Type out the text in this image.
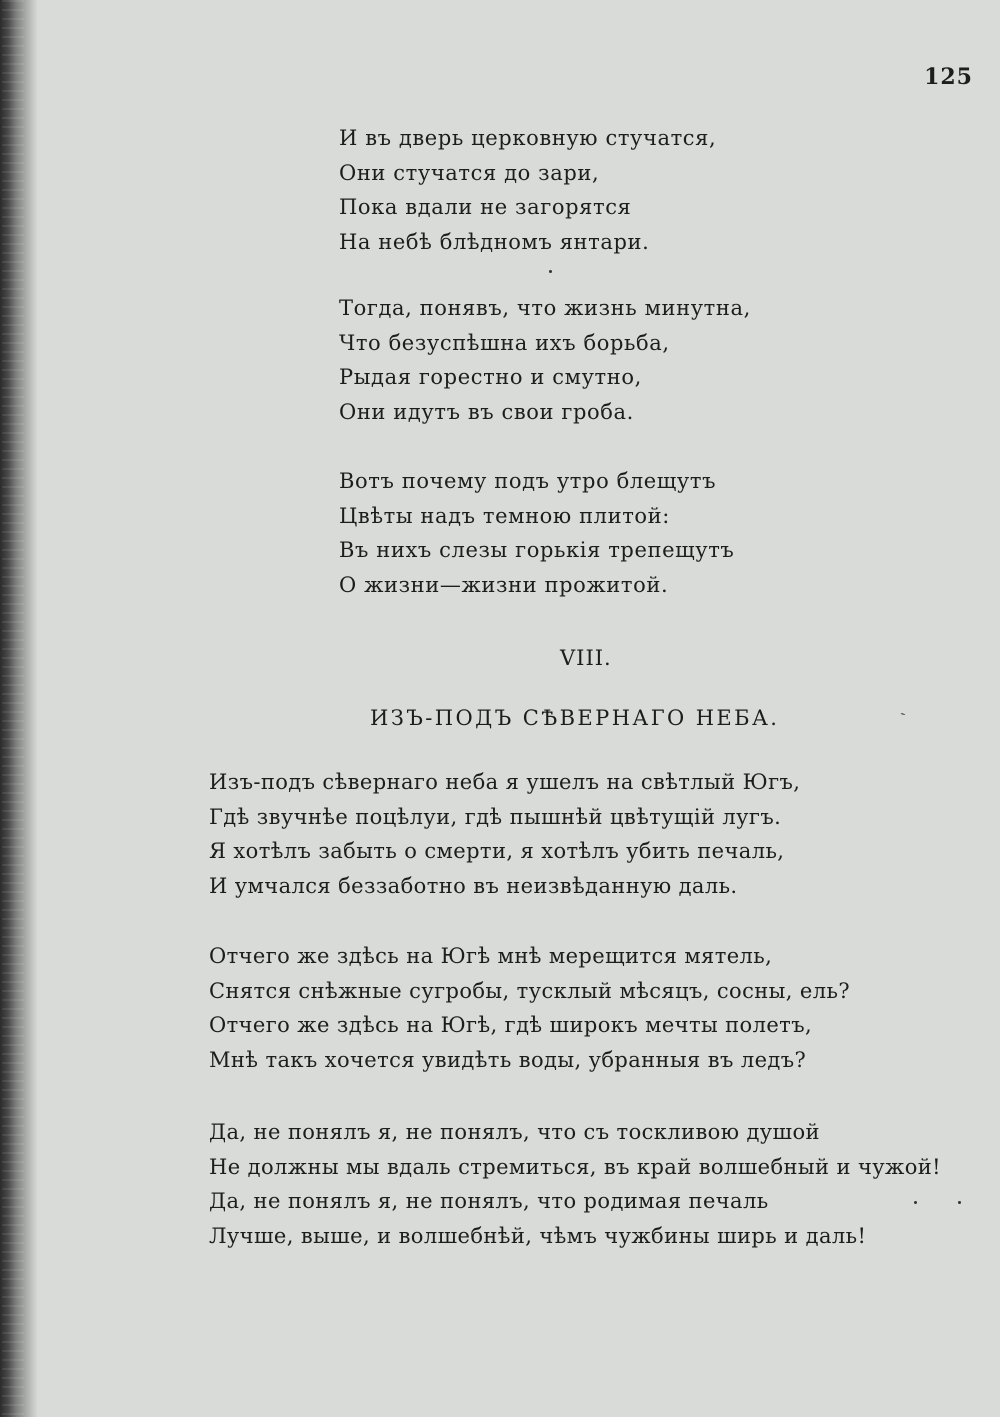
125
И въ дверь церковную стучатся,
Они стучатся до зари,
Пока вдали не загорятся
На небѣ блѣдномъ янтари.
Тогда, понявъ, что жизнь минутна,
Что безуспѣшна ихъ борьба,
Рыдая горестно и смутно,
Они идутъ въ свои гроба.
Вотъ почему подъ утро блещутъ
Цвѣты надъ темною плитой:
Въ нихъ слезы горькія трепещутъ
О жизни—жизни прожитой.
VIII.
ИЗЪ-ПОДЪ СѢВЕРНАГО НЕБА.	ˋ
Изъ-подъ сѣвернаго неба я ушелъ на свѣтлый Югъ,
Гдѣ звучнѣе поцѣлуи, гдѣ пышнѣй цвѣтущій лугъ.
Я хотѣлъ забыть о смерти, я хотѣлъ убить печаль,
И умчался беззаботно въ неизвѣданную даль.
Отчего же здѣсь на Югѣ мнѣ мерещится мятель,
Снятся снѣжные сугробы, тусклый мѣсяцъ, сосны, ель?
Отчего же здѣсь на Югѣ, гдѣ широкъ мечты полетъ,
Мнѣ такъ хочется увидѣть воды, убранныя въ ледъ?
Да, не понялъ я, не понялъ, что съ тоскливою душой
Не должны мы вдаль стремиться, въ край волшебный и чужой!
Да, не понялъ я, не понялъ, что родимая печаль
Лучше, выше, и волшебнѣй, чѣмъ чужбины ширь и даль!
